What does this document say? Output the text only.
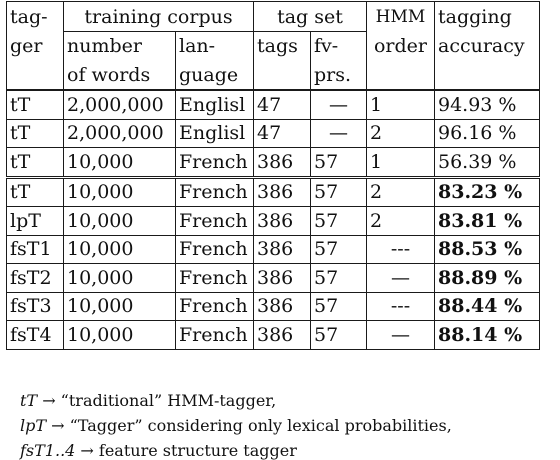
tag-	training corpus		tag set		HMM	tagging
ger	number	lan-	tags	fv-	order	accuracy
	of words	guage		prs.		
tT	2,000,000	Englisl	47	—	1	94.93 %
tT	2,000,000	Englisl	47	—	2	96.16 %
tT	10,000	French	386	57	1	56.39 %
tT	10,000	French	386	57	2	83.23 %
lpT	10,000	French	386	57	2	83.81 %
fsT1	10,000	French	386	57	---	88.53 %
fsT2	10,000	French	386	57	—	88.89 %
fsT3	10,000	French	386	57	---	88.44 %
fsT4	10,000	French	386	57	—	88.14 %
tT → “traditional” HMM-tagger,
lpT → “Tagger” considering only lexical probabilities,
fsT1..4 → feature structure tagger
